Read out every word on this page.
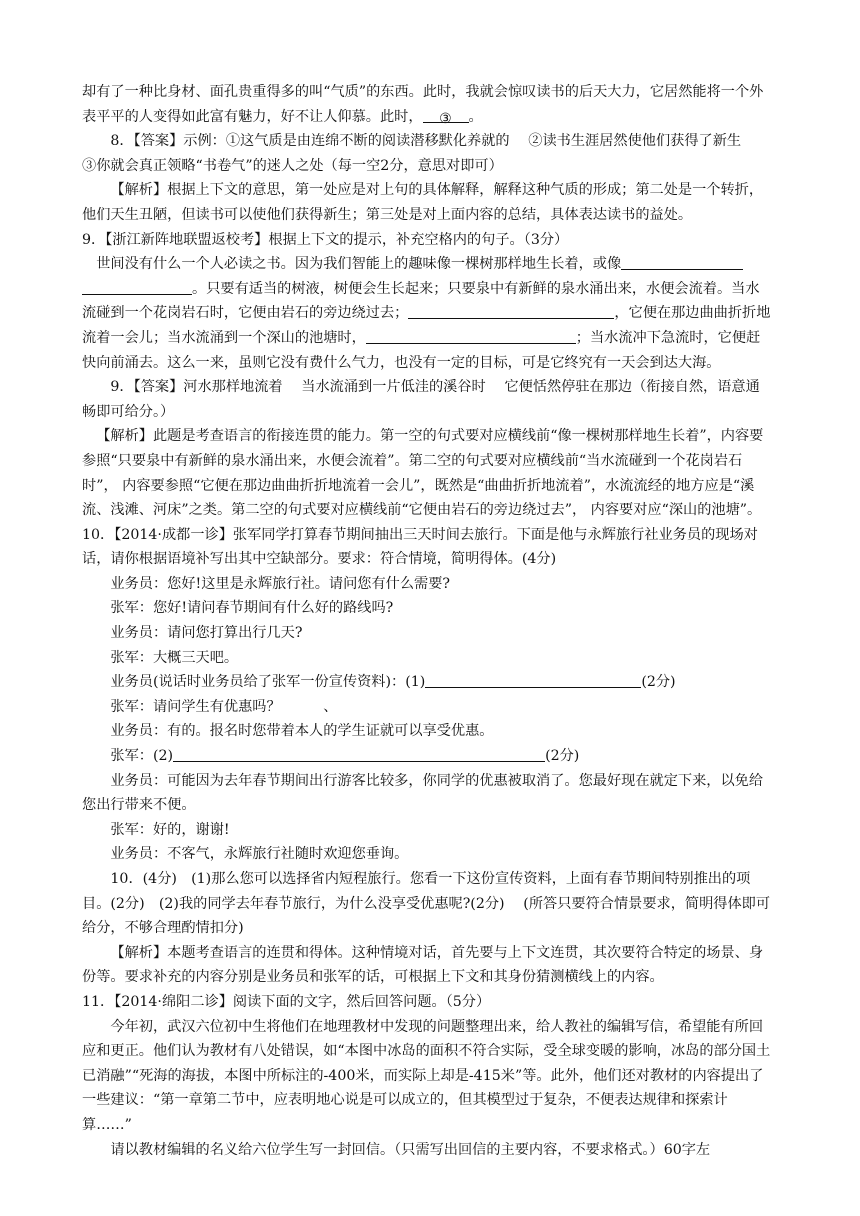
却有了一种比身材、面孔贵重得多的叫“气质”的东西。此时，我就会惊叹读书的后天大力，它居然能将一个外表平平的人变得如此富有魅力，好不让人仰慕。此时， ③ 。

8．【答案】示例：①这气质是由连绵不断的阅读潜移默化养就的　 ②读书生涯居然使他们获得了新生　 ③你就会真正领略“书卷气”的迷人之处（每一空2分，意思对即可）

【解析】根据上下文的意思，第一处应是对上句的具体解释，解释这种气质的形成；第二处是一个转折，他们天生丑陋，但读书可以使他们获得新生；第三处是对上面内容的总结，具体表达读书的益处。

9．【浙江新阵地联盟返校考】根据上下文的提示，补充空格内的句子。（3分）

世间没有什么一个人必读之书。因为我们智能上的趣味像一棵树那样地生长着，或像。只要有适当的树液，树便会生长起来；只要泉中有新鲜的泉水涌出来，水便会流着。当水流碰到一个花岗岩石时，它便由岩石的旁边绕过去；	，它便在那边曲曲折折地流着一会儿；当水流涌到一个深山的池塘时，	；当水流冲下急流时，它便赶快向前涌去。这么一来，虽则它没有费什么气力，也没有一定的目标，可是它终究有一天会到达大海。

9．【答案】河水那样地流着　 当水流涌到一片低洼的溪谷时　 它便恬然停驻在那边（衔接自然，语意通畅即可给分。）

【解析】此题是考查语言的衔接连贯的能力。第一空的句式要对应横线前“像一棵树那样地生长着”，内容要参照“只要泉中有新鲜的泉水涌出来，水便会流着”。第二空的句式要对应横线前“当水流碰到一个花岗岩石时”， 内容要参照“它便在那边曲曲折折地流着一会儿”，既然是“曲曲折折地流着”，水流流经的地方应是“溪流、浅滩、河床”之类。第二空的句式要对应横线前“它便由岩石的旁边绕过去”， 内容要对应“深山的池塘”。

10．【2014·成都一诊】张军同学打算春节期间抽出三天时间去旅行。下面是他与永辉旅行社业务员的现场对话，请你根据语境补写出其中空缺部分。要求：符合情境，简明得体。(4分)

业务员：您好!这里是永辉旅行社。请问您有什么需要?

张军：您好!请问春节期间有什么好的路线吗?

业务员：请问您打算出行几天?

张军：大概三天吧。

业务员(说话时业务员给了张军一份宣传资料)：(1)	(2分)

张军：请问学生有优惠吗？　　　、

业务员：有的。报名时您带着本人的学生证就可以享受优惠。

张军：(2)	(2分)

业务员：可能因为去年春节期间出行游客比较多，你同学的优惠被取消了。您最好现在就定下来，以免给您出行带来不便。

张军：好的，谢谢!

业务员：不客气，永辉旅行社随时欢迎您垂询。

10．(4分)　(1)那么您可以选择省内短程旅行。您看一下这份宣传资料，上面有春节期间特别推出的项目。(2分)　(2)我的同学去年春节旅行，为什么没享受优惠呢?(2分)　 (所答只要符合情景要求，简明得体即可给分，不够合理酌情扣分)

【解析】本题考查语言的连贯和得体。这种情境对话，首先要与上下文连贯，其次要符合特定的场景、身份等。要求补充的内容分别是业务员和张军的话，可根据上下文和其身份猜测横线上的内容。

11．【2014·绵阳二诊】阅读下面的文字，然后回答问题。（5分）

今年初，武汉六位初中生将他们在地理教材中发现的问题整理出来，给人教社的编辑写信，希望能有所回应和更正。他们认为教材有八处错误，如“本图中冰岛的面积不符合实际，受全球变暖的影响，冰岛的部分国土已消融”“死海的海拔，本图中所标注的-400米，而实际上却是-415米”等。此外，他们还对教材的内容提出了一些建议：“第一章第二节中，应表明地心说是可以成立的，但其模型过于复杂，不便表达规律和探索计算……”

请以教材编辑的名义给六位学生写一封回信。（只需写出回信的主要内容，不要求格式。）60字左
